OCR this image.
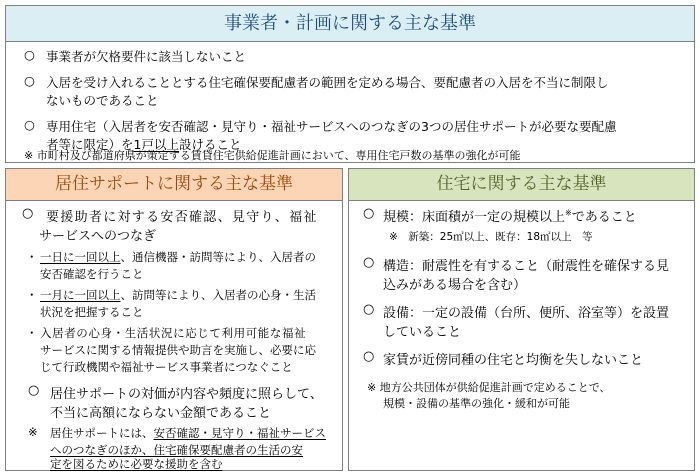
事業者・計画に関する主な基準
○ 事業者が欠格要件に該当しないこと
○ 入居を受け入れることとする住宅確保要配慮者の範囲を定める場合、要配慮者の入居を不当に制限し
ないものであること
○ 専用住宅（入居者を安否確認・見守り・福祉サービスへのつなぎの3つの居住サポートが必要な要配慮
者等に限定）を1戸以上設けること
※ 市町村及び都道府県が策定する賃貸住宅供給促進計画において、専用住宅戸数の基準の強化が可能
居住サポートに関する主な基準
○ 要援助者に対する安否確認、見守り、福祉
サービスへのつなぎ
・ 一日に一回以上、通信機器・訪問等により、入居者の
安否確認を行うこと
・ 一月に一回以上、訪問等により、入居者の心身・生活
状況を把握すること
・ 入居者の心身・生活状況に応じて利用可能な福祉
サービスに関する情報提供や助言を実施し、必要に応
じて行政機関や福祉サービス事業者につなぐこと
○ 居住サポートの対価が内容や頻度に照らして、
不当に高額にならない金額であること
※ 居住サポートには、安否確認・見守り・福祉サービス
へのつなぎのほか、住宅確保要配慮者の生活の安
定を図るために必要な援助を含む
住宅に関する主な基準
○ 規模：床面積が一定の規模以上※であること
※　新築：25㎡以上、既存：18㎡以上　等
○ 構造：耐震性を有すること（耐震性を確保する見
込みがある場合を含む）
○ 設備：一定の設備（台所、便所、浴室等）を設置
していること
○ 家賃が近傍同種の住宅と均衡を失しないこと
※ 地方公共団体が供給促進計画で定めることで、
規模・設備の基準の強化・緩和が可能
